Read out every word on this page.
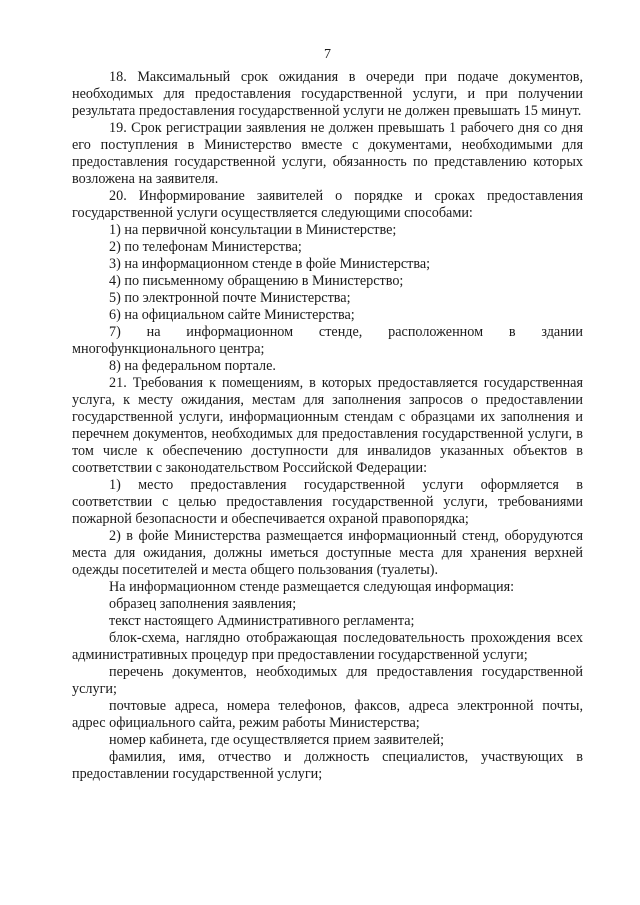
7

18. Максимальный срок ожидания в очереди при подаче документов, необходимых для предоставления государственной услуги, и при получении результата предоставления государственной услуги не должен превышать 15 минут.

19. Срок регистрации заявления не должен превышать 1 рабочего дня со дня его поступления в Министерство вместе с документами, необходимыми для предоставления государственной услуги, обязанность по представлению которых возложена на заявителя.

20. Информирование заявителей о порядке и сроках предоставления государственной услуги осуществляется следующими способами:

1) на первичной консультации в Министерстве;

2) по телефонам Министерства;

3) на информационном стенде в фойе Министерства;

4) по письменному обращению в Министерство;

5) по электронной почте Министерства;

6) на официальном сайте Министерства;

7) на информационном стенде, расположенном в здании многофункционального центра;

8) на федеральном портале.

21. Требования к помещениям, в которых предоставляется государственная услуга, к месту ожидания, местам для заполнения запросов о предоставлении государственной услуги, информационным стендам с образцами их заполнения и перечнем документов, необходимых для предоставления государственной услуги, в том числе к обеспечению доступности для инвалидов указанных объектов в соответствии с законодательством Российской Федерации:

1) место предоставления государственной услуги оформляется в соответствии с целью предоставления государственной услуги, требованиями пожарной безопасности и обеспечивается охраной правопорядка;

2) в фойе Министерства размещается информационный стенд, оборудуются места для ожидания, должны иметься доступные места для хранения верхней одежды посетителей и места общего пользования (туалеты).

На информационном стенде размещается следующая информация:

образец заполнения заявления;

текст настоящего Административного регламента;

блок-схема, наглядно отображающая последовательность прохождения всех административных процедур при предоставлении государственной услуги;

перечень документов, необходимых для предоставления государственной услуги;

почтовые адреса, номера телефонов, факсов, адреса электронной почты, адрес официального сайта, режим работы Министерства;

номер кабинета, где осуществляется прием заявителей;

фамилия, имя, отчество и должность специалистов, участвующих в предоставлении государственной услуги;
